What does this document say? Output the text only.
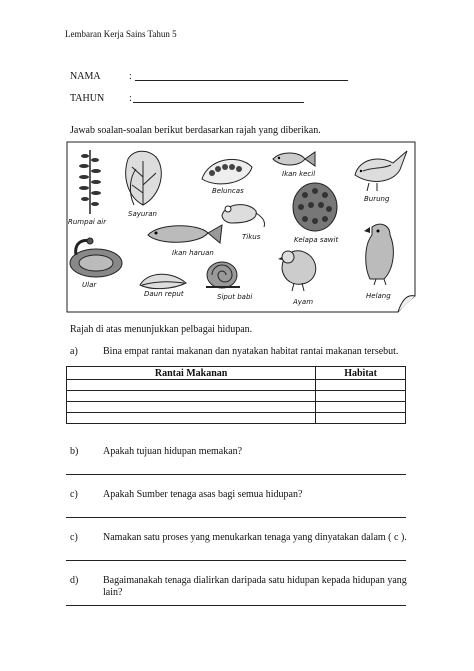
Lembaran Kerja Sains Tahun 5
NAMA	:
TAHUN :
Jawab soalan-soalan berikut berdasarkan rajah yang diberikan.
Rumpai air
Sayuran
Beluncas
Ikan kecil
Burung
Tikus	Kelapa sawit
Ikan haruan
Ular
Daun reput	Siput babi
Ayam
Helang
Rajah di atas menunjukkan pelbagai hidupan.
a)	Bina empat rantai makanan dan nyatakan habitat rantai makanan tersebut.
Rantai Makanan	Habitat

b) Apakah tujuan hidupan memakan?
c)	Apakah Sumber tenaga asas bagi semua hidupan?
c)	Namakan satu proses yang menukarkan tenaga yang dinyatakan dalam ( c ).
d) Bagaimanakah tenaga dialirkan daripada satu hidupan kepada hidupan yang lain?
